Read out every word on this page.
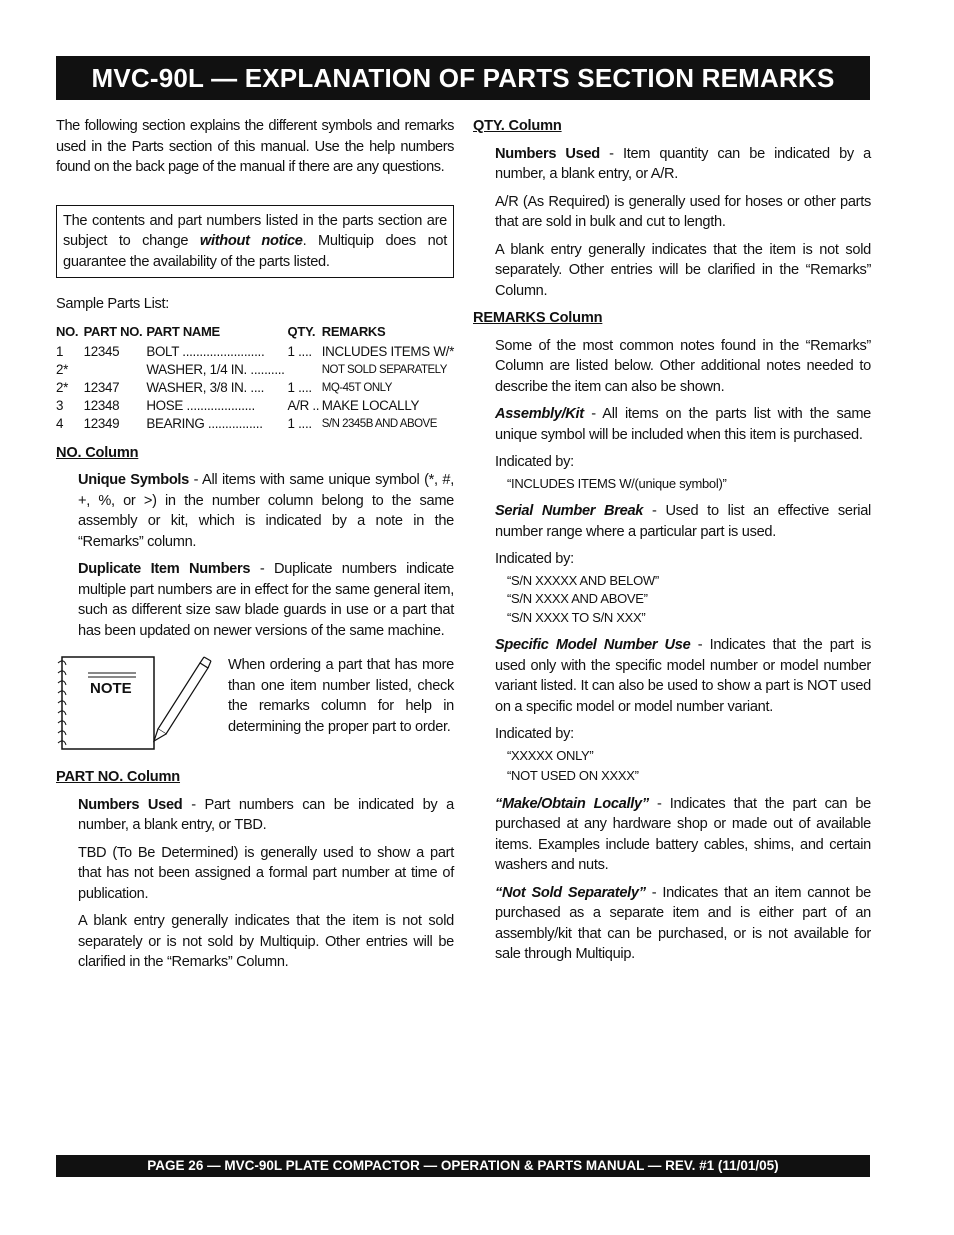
MVC-90L — EXPLANATION OF PARTS SECTION REMARKS

The following section explains the different symbols and remarks used in the Parts section of this manual. Use the help numbers found on the back page of the manual if there are any questions.

The contents and part numbers listed in the parts section are subject to change without notice. Multiquip does not guarantee the availability of the parts listed.

Sample Parts List:
NO.	PART NO.	PART NAME	QTY.	REMARKS
1	12345	BOLT ........................	1 ....	INCLUDES ITEMS W/*
2*		WASHER, 1/4 IN. ..........		NOT SOLD SEPARATELY
2*	12347	WASHER, 3/8 IN. ....	1 ....	MQ-45T ONLY
3	12348	HOSE ....................	A/R ..	MAKE LOCALLY
4	12349	BEARING ................	1 ....	S/N 2345B AND ABOVE
NO. Column

Unique Symbols - All items with same unique symbol (*, #, +, %, or >) in the number column belong to the same assembly or kit, which is indicated by a note in the “Remarks” column.

Duplicate Item Numbers - Duplicate numbers indicate multiple part numbers are in effect for the same general item, such as different size saw blade guards in use or a part that has been updated on newer versions of the same machine.

NOTE

When ordering a part that has more than one item number listed, check the remarks column for help in determining the proper part to order.

PART NO. Column

Numbers Used - Part numbers can be indicated by a number, a blank entry, or TBD.

TBD (To Be Determined) is generally used to show a part that has not been assigned a formal part number at time of publication.

A blank entry generally indicates that the item is not sold separately or is not sold by Multiquip. Other entries will be clarified in the “Remarks” Column.

QTY. Column

Numbers Used - Item quantity can be indicated by a number, a blank entry, or A/R.

A/R (As Required) is generally used for hoses or other parts that are sold in bulk and cut to length.

A blank entry generally indicates that the item is not sold separately. Other entries will be clarified in the “Remarks” Column.

REMARKS Column

Some of the most common notes found in the “Remarks” Column are listed below. Other additional notes needed to describe the item can also be shown.

Assembly/Kit - All items on the parts list with the same unique symbol will be included when this item is purchased.

Indicated by:
“INCLUDES ITEMS W/(unique symbol)”

Serial Number Break - Used to list an effective serial number range where a particular part is used.

Indicated by:
“S/N XXXXX AND BELOW”
“S/N XXXX AND ABOVE”
“S/N XXXX TO S/N XXX”

Specific Model Number Use - Indicates that the part is used only with the specific model number or model number variant listed. It can also be used to show a part is NOT used on a specific model or model number variant.

Indicated by:
“XXXXX ONLY”
“NOT USED ON XXXX”

“Make/Obtain Locally” - Indicates that the part can be purchased at any hardware shop or made out of available items. Examples include battery cables, shims, and certain washers and nuts.

“Not Sold Separately” - Indicates that an item cannot be purchased as a separate item and is either part of an assembly/kit that can be purchased, or is not available for sale through Multiquip.

PAGE 26 — MVC-90L PLATE COMPACTOR — OPERATION & PARTS MANUAL — REV. #1 (11/01/05)
